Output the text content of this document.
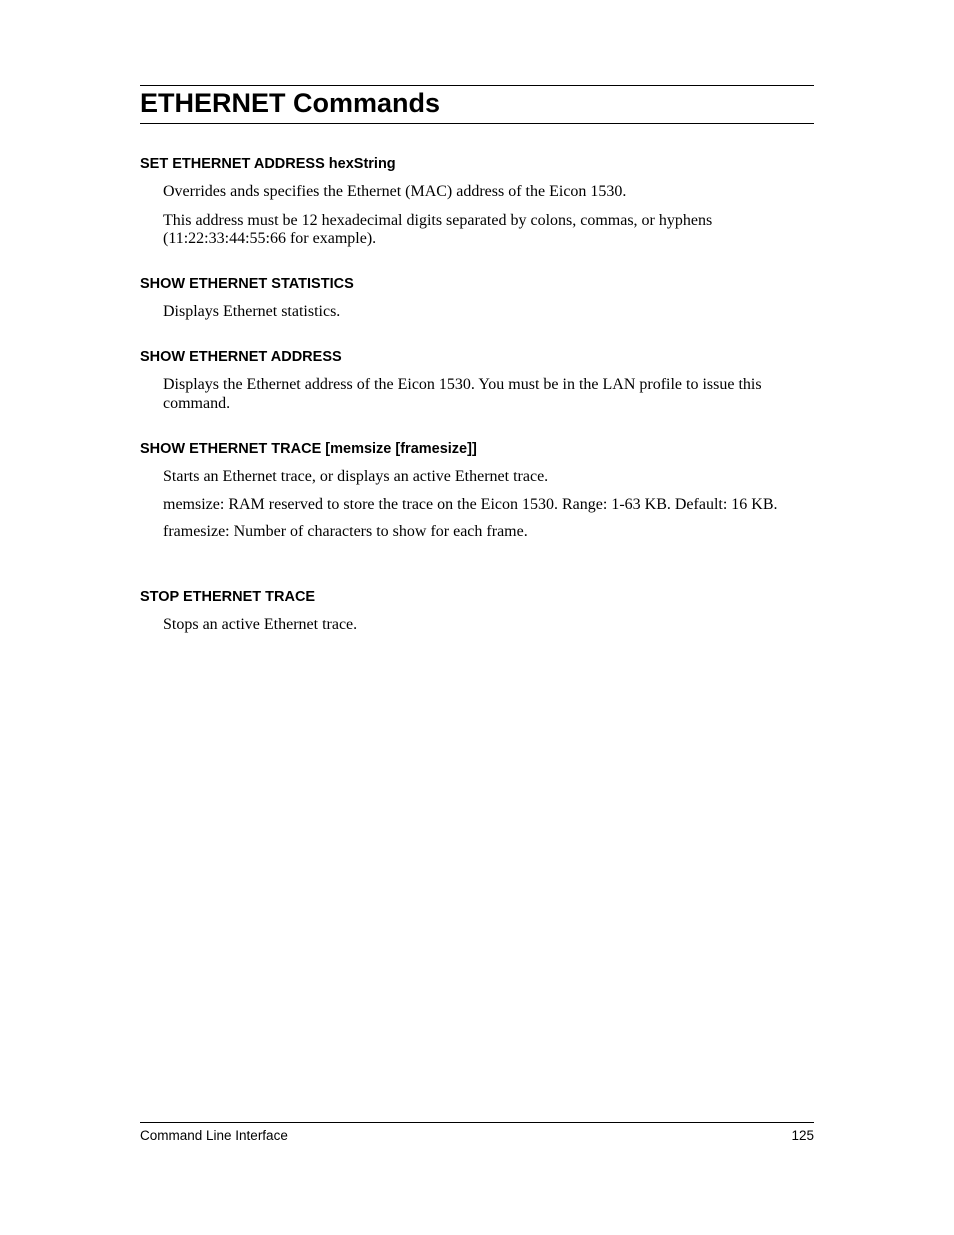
ETHERNET Commands
SET ETHERNET ADDRESS hexString

Overrides ands specifies the Ethernet (MAC) address of the Eicon 1530.

This address must be 12 hexadecimal digits separated by colons, commas, or hyphens (11:22:33:44:55:66 for example).

SHOW ETHERNET STATISTICS

Displays Ethernet statistics.

SHOW ETHERNET ADDRESS

Displays the Ethernet address of the Eicon 1530. You must be in the LAN profile to issue this command.

SHOW ETHERNET TRACE [memsize [framesize]]

Starts an Ethernet trace, or displays an active Ethernet trace.

memsize: RAM reserved to store the trace on the Eicon 1530. Range: 1-63 KB. Default: 16 KB.

framesize: Number of characters to show for each frame.

STOP ETHERNET TRACE

Stops an active Ethernet trace.

Command Line Interface	125
